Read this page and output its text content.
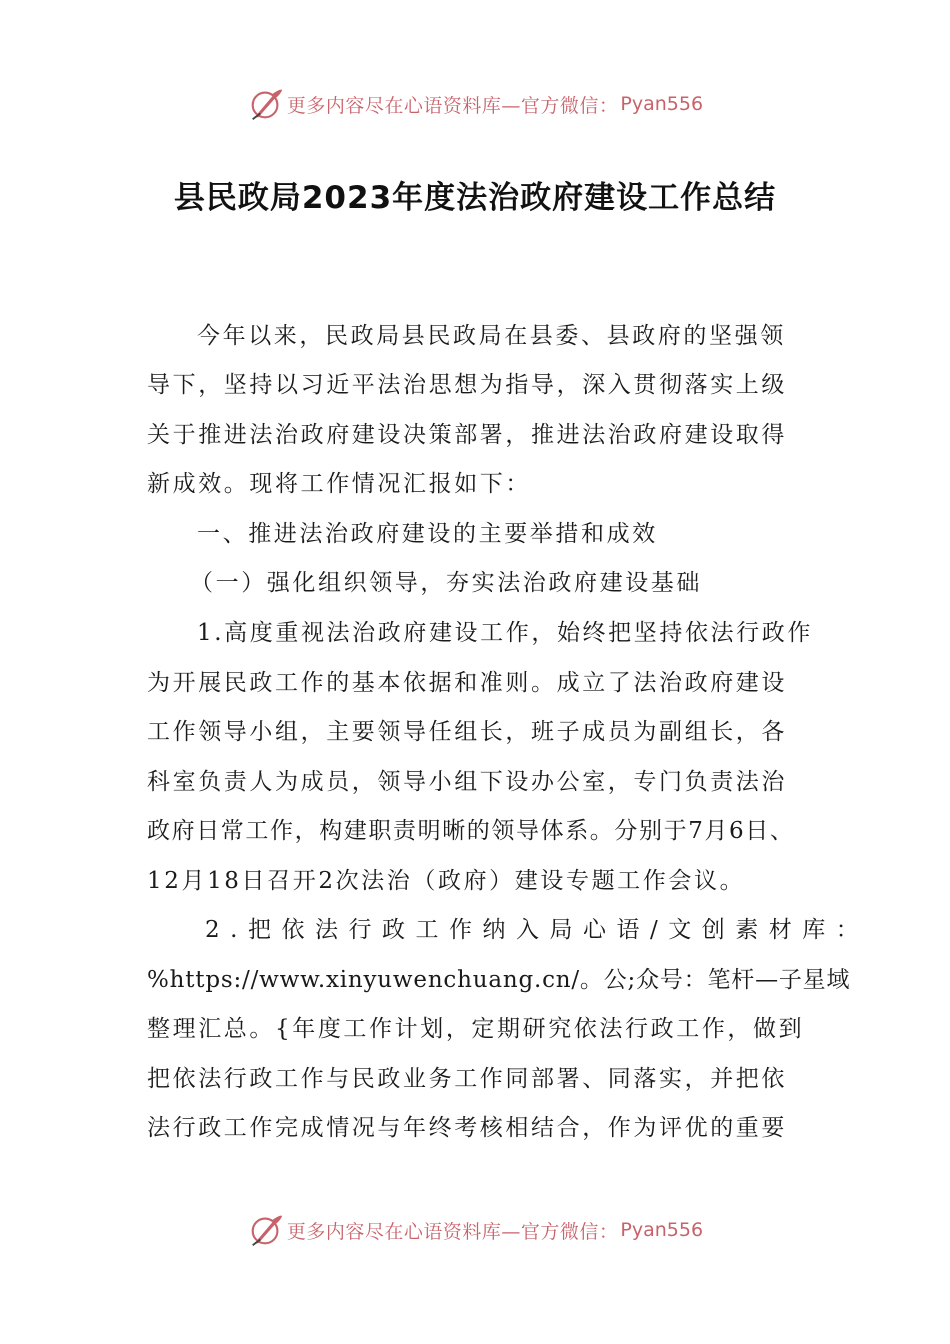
更多内容尽在心语资料库—官方微信： Pyan556
县民政局2023年度法治政府建设工作总结
今年以来，民政局县民政局在县委、县政府的坚强领
导下，坚持以习近平法治思想为指导，深入贯彻落实上级
关于推进法治政府建设决策部署，推进法治政府建设取得
新成效。现将工作情况汇报如下：
一、推进法治政府建设的主要举措和成效
（一）强化组织领导，夯实法治政府建设基础
1.高度重视法治政府建设工作，始终把坚持依法行政作
为开展民政工作的基本依据和准则。成立了法治政府建设
工作领导小组，主要领导任组长，班子成员为副组长，各
科室负责人为成员，领导小组下设办公室，专门负责法治
政府日常工作，构建职责明晰的领导体系。分别于7月6日、
12月18日召开2次法治（政府）建设专题工作会议。
2.把依法行政工作纳入局心语/文创素材库：
%https://www.xinyuwenchuang.cn/。公;众号：笔杆—子星域
整理汇总。{年度工作计划，定期研究依法行政工作，做到
把依法行政工作与民政业务工作同部署、同落实，并把依
法行政工作完成情况与年终考核相结合，作为评优的重要
更多内容尽在心语资料库—官方微信： Pyan556
